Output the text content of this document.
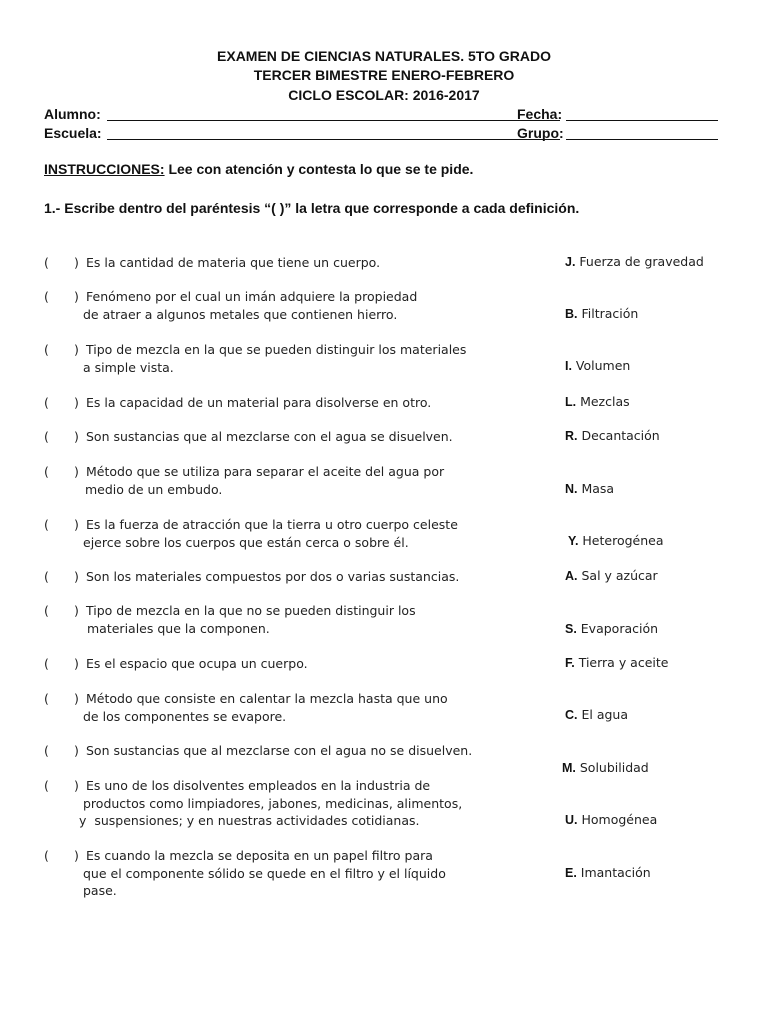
EXAMEN DE CIENCIAS NATURALES. 5TO GRADO
TERCER BIMESTRE ENERO-FEBRERO
CICLO ESCOLAR: 2016-2017
Alumno:	Fecha:
Escuela:	Grupo:
INSTRUCCIONES: Lee con atención y contesta lo que se te pide.
1.- Escribe dentro del paréntesis “( )” la letra que corresponde a cada definición.
( ) Es la cantidad de materia que tiene un cuerpo.
( ) Fenómeno por el cual un imán adquiere la propiedad
de atraer a algunos metales que contienen hierro.
( ) Tipo de mezcla en la que se pueden distinguir los materiales
a simple vista.
( ) Es la capacidad de un material para disolverse en otro.
( ) Son sustancias que al mezclarse con el agua se disuelven.
( ) Método que se utiliza para separar el aceite del agua por
medio de un embudo.
( ) Es la fuerza de atracción que la tierra u otro cuerpo celeste
ejerce sobre los cuerpos que están cerca o sobre él.
( ) Son los materiales compuestos por dos o varias sustancias.
( ) Tipo de mezcla en la que no se pueden distinguir los
materiales que la componen.
( ) Es el espacio que ocupa un cuerpo.
( ) Método que consiste en calentar la mezcla hasta que uno
de los componentes se evapore.
( ) Son sustancias que al mezclarse con el agua no se disuelven.
( ) Es uno de los disolventes empleados en la industria de
productos como limpiadores, jabones, medicinas, alimentos,
y  suspensiones; y en nuestras actividades cotidianas.
( ) Es cuando la mezcla se deposita en un papel filtro para
que el componente sólido se quede en el filtro y el líquido
pase.
J. Fuerza de gravedad
B. Filtración
I. Volumen
L. Mezclas
R. Decantación
N. Masa
Y. Heterogénea
A. Sal y azúcar
S. Evaporación
F. Tierra y aceite
C. El agua
M. Solubilidad
U. Homogénea
E. Imantación
